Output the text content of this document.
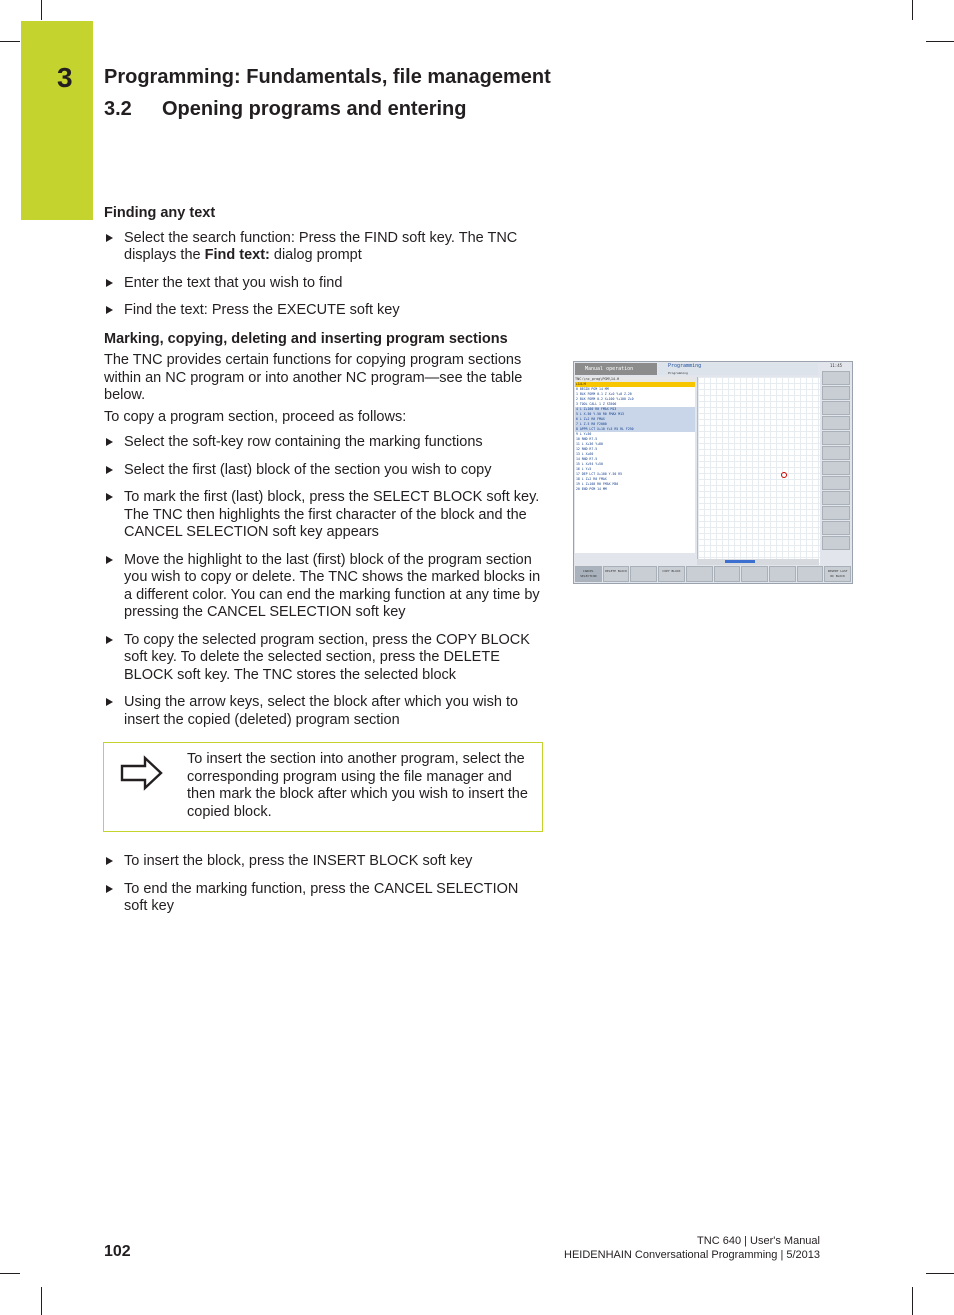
3 Programming: Fundamentals, file management
3.2 Opening programs and entering

Finding any text

Select the search function: Press the FIND soft key. The TNC displays the Find text: dialog prompt

Enter the text that you wish to find

Find the text: Press the EXECUTE soft key

Marking, copying, deleting and inserting program sections

The TNC provides certain functions for copying program sections within an NC program or into another NC program—see the table below.

To copy a program section, proceed as follows:

Select the soft-key row containing the marking functions

Select the first (last) block of the section you wish to copy

To mark the first (last) block, press the SELECT BLOCK soft key. The TNC then highlights the first character of the block and the CANCEL SELECTION soft key appears

Move the highlight to the last (first) block of the program section you wish to copy or delete. The TNC shows the marked blocks in a different color. You can end the marking function at any time by pressing the CANCEL SELECTION soft key

To copy the selected program section, press the COPY BLOCK soft key. To delete the selected section, press the DELETE BLOCK soft key. The TNC stores the selected block

Using the arrow keys, select the block after which you wish to insert the copied (deleted) program section

To insert the section into another program, select the corresponding program using the file manager and then mark the block after which you wish to insert the copied block.

To insert the block, press the INSERT BLOCK soft key

To end the marking function, press the CANCEL SELECTION soft key

Manual operation	Programming
Programming
11:45
TNC:\nc_prog\PGM\14.H
▸14.H
0 BEGIN PGM 14 MM
1 BLK FORM 0.1 Z X+0 Y+0 Z-20
2 BLK FORM 0.2 X+100 Y+100 Z+0
3 TOOL CALL 1 Z S3500
4 L Z+100 R0 FMAX M13
5 L X-50 Y-50 R0 FMAX M13
6 L Z+2 R0 FMAX
7 L Z-5 R0 F2000
8 APPR LCT X+10 Y+5 R5 RL F250
9 L Y+50
10 RND R7.5
11 L X+36 Y+80
12 RND R7.5
13 L X+60
14 RND R7.5
15 L X+94 Y+50
16 L Y+5
17 DEP LCT X+100 Y-50 R5
18 L Z+2 R0 FMAX
19 L Z+100 R0 FMAX M30
20 END PGM 14 MM
CANCEL SELECTION
DELETE BLOCK	COPY BLOCK	INSERT LAST NC BLOCK
102
TNC 640 | User's Manual
HEIDENHAIN Conversational Programming | 5/2013
